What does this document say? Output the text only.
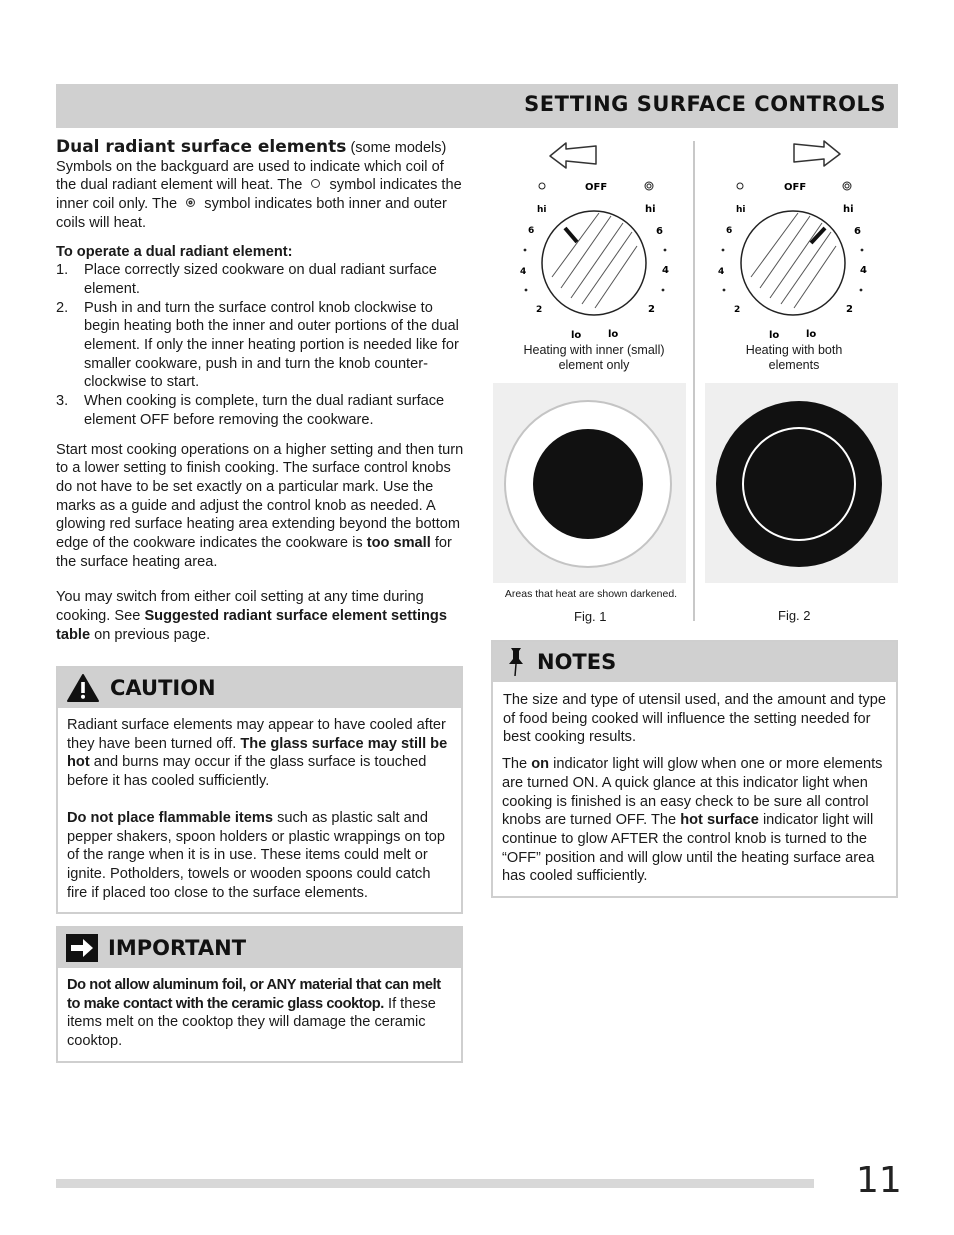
SETTING SURFACE CONTROLS
Dual radiant surface elements (some models)

Symbols on the backguard are used to indicate which coil of the dual radiant element will heat. The symbol indicates the inner coil only. The symbol indicates both inner and outer coils will heat.

To operate a dual radiant element:

1. Place correctly sized cookware on dual radiant surface element.
2. Push in and turn the surface control knob clockwise to begin heating both the inner and outer portions of the dual element. If only the inner heating portion is needed like for smaller cookware, push in and turn the knob counter-clockwise to start.
3. When cooking is complete, turn the dual radiant surface element OFF before removing the cookware.

Start most cooking operations on a higher setting and then turn to a lower setting to finish cooking. The surface control knobs do not have to be set exactly on a particular mark. Use the marks as a guide and adjust the control knob as needed. A glowing red surface heating area extending beyond the bottom edge of the cookware indicates the cookware is too small for the surface heating area.

You may switch from either coil setting at any time during cooking. See Suggested radiant surface element settings table on previous page.

CAUTION

Radiant surface elements may appear to have cooled after they have been turned off. The glass surface may still be hot and burns may occur if the glass surface is touched before it has cooled sufficiently.

Do not place flammable items such as plastic salt and pepper shakers, spoon holders or plastic wrappings on top of the range when it is in use. These items could melt or ignite. Potholders, towels or wooden spoons could catch fire if placed too close to the surface elements.

IMPORTANT

Do not allow aluminum foil, or ANY material that can melt to make contact with the ceramic glass cooktop. If these items melt on the cooktop they will damage the ceramic cooktop.

OFF
hi	hi
6	6
4	4
2	2
lo	lo
OFF
hi	hi
6	6
4	4
2	2
lo	lo
Heating with inner (small)
element only
Heating with both
elements
Areas that heat are shown darkened.
Fig. 1	Fig. 2
NOTES

The size and type of utensil used, and the amount and type of food being cooked will influence the setting needed for best cooking results.

The on indicator light will glow when one or more elements are turned ON. A quick glance at this indicator light when cooking is finished is an easy check to be sure all control knobs are turned OFF. The hot surface indicator light will continue to glow AFTER the control knob is turned to the “OFF” position and will glow until the heating surface area has cooled sufficiently.

11
